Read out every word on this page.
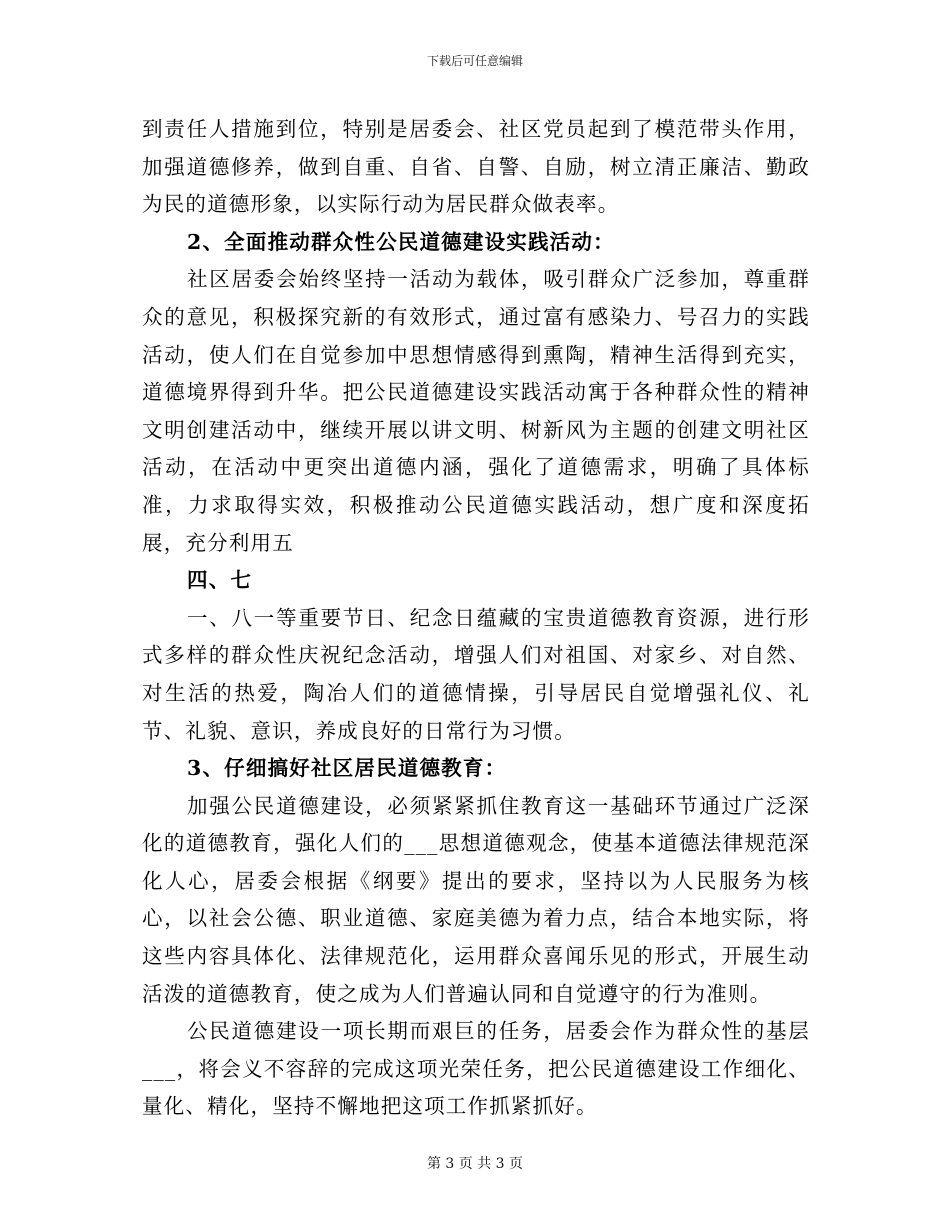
下载后可任意编辑

到责任人措施到位，特别是居委会、社区党员起到了模范带头作用，加强道德修养，做到自重、自省、自警、自励，树立清正廉洁、勤政为民的道德形象，以实际行动为居民群众做表率。

2、全面推动群众性公民道德建设实践活动：

社区居委会始终坚持一活动为载体，吸引群众广泛参加，尊重群众的意见，积极探究新的有效形式，通过富有感染力、号召力的实践活动，使人们在自觉参加中思想情感得到熏陶，精神生活得到充实，道德境界得到升华。把公民道德建设实践活动寓于各种群众性的精神文明创建活动中，继续开展以讲文明、树新风为主题的创建文明社区活动，在活动中更突出道德内涵，强化了道德需求，明确了具体标准，力求取得实效，积极推动公民道德实践活动，想广度和深度拓展，充分利用五

四、七

一、八一等重要节日、纪念日蕴藏的宝贵道德教育资源，进行形式多样的群众性庆祝纪念活动，增强人们对祖国、对家乡、对自然、对生活的热爱，陶冶人们的道德情操，引导居民自觉增强礼仪、礼节、礼貌、意识，养成良好的日常行为习惯。

3、仔细搞好社区居民道德教育：

加强公民道德建设，必须紧紧抓住教育这一基础环节通过广泛深化的道德教育，强化人们的___思想道德观念，使基本道德法律规范深化人心，居委会根据《纲要》提出的要求，坚持以为人民服务为核心，以社会公德、职业道德、家庭美德为着力点，结合本地实际，将这些内容具体化、法律规范化，运用群众喜闻乐见的形式，开展生动活泼的道德教育，使之成为人们普遍认同和自觉遵守的行为准则。

公民道德建设一项长期而艰巨的任务，居委会作为群众性的基层___，将会义不容辞的完成这项光荣任务，把公民道德建设工作细化、量化、精化，坚持不懈地把这项工作抓紧抓好。

第 3 页 共 3 页
